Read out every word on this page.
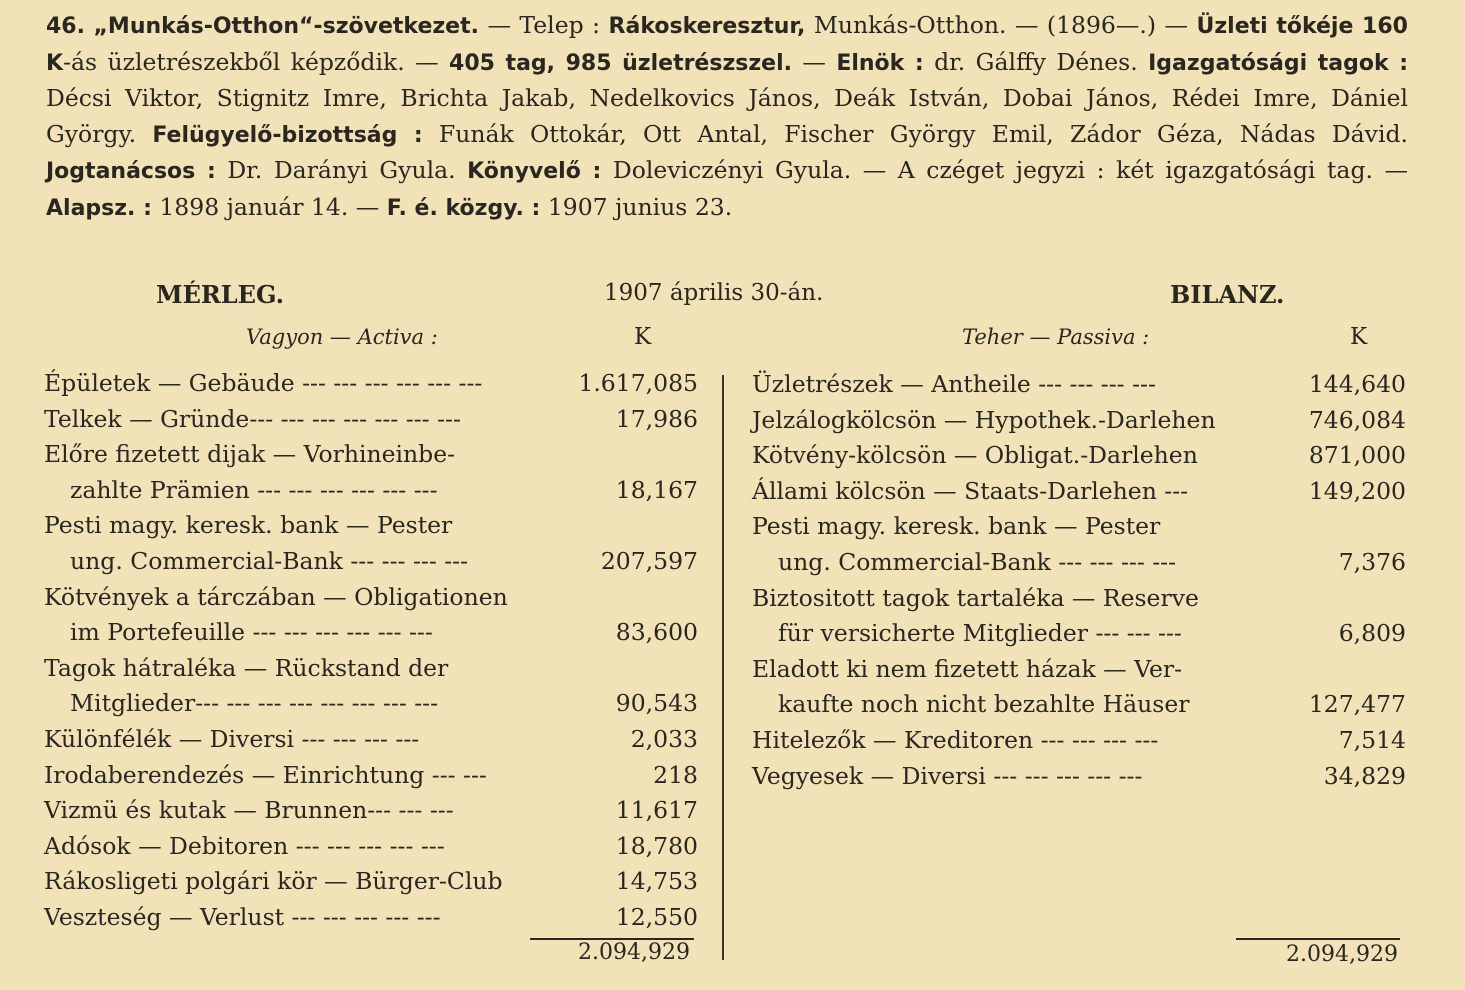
46. „Munkás-Otthon“-szövetkezet. — Telep : Rákoskeresztur, Munkás-Otthon. — (1896—.) — Üzleti tőkéje 160 K-ás üzletrészekből képződik. — 405 tag, 985 üzletrészszel. — Elnök : dr. Gálffy Dénes. Igazgatósági tagok : Décsi Viktor, Stignitz Imre, Brichta Jakab, Nedelkovics János, Deák István, Dobai János, Rédei Imre, Dániel György. Felügyelő-bizottság : Funák Ottokár, Ott Antal, Fischer György Emil, Zádor Géza, Nádas Dávid. Jogtanácsos : Dr. Darányi Gyula. Könyvelő : Doleviczényi Gyula. — A czéget jegyzi : két igazgatósági tag. — Alapsz. : 1898 január 14. — F. é. közgy. : 1907 junius 23.
MÉRLEG.	1907 április 30-án.	BILANZ.
Vagyon — Activa :	K	Teher — Passiva :	K
Épületek — Gebäude --- --- --- --- --- ---	1.617,085
Telkek — Gründe--- --- --- --- --- --- ---	17,986
Előre fizetett dijak — Vorhineinbe-
zahlte Prämien --- --- --- --- --- ---	18,167
Pesti magy. keresk. bank — Pester
ung. Commercial-Bank --- --- --- ---	207,597
Kötvények a tárczában — Obligationen
im Portefeuille --- --- --- --- --- ---	83,600
Tagok hátraléka — Rückstand der
Mitglieder--- --- --- --- --- --- --- ---	90,543
Különfélék — Diversi --- --- --- ---	2,033
Irodaberendezés — Einrichtung --- ---	218
Vizmü és kutak — Brunnen--- --- ---	11,617
Adósok — Debitoren --- --- --- --- ---	18,780
Rákosligeti polgári kör — Bürger-Club	14,753
Veszteség — Verlust --- --- --- --- ---	12,550
Üzletrészek — Antheile --- --- --- ---	144,640
Jelzálogkölcsön — Hypothek.-Darlehen	746,084
Kötvény-kölcsön — Obligat.-Darlehen	871,000
Állami kölcsön — Staats-Darlehen ---	149,200
Pesti magy. keresk. bank — Pester
ung. Commercial-Bank --- --- --- ---	7,376
Biztositott tagok tartaléka — Reserve
für versicherte Mitglieder --- --- ---	6,809
Eladott ki nem fizetett házak — Ver-
kaufte noch nicht bezahlte Häuser	127,477
Hitelezők — Kreditoren --- --- --- ---	7,514
Vegyesek — Diversi --- --- --- --- ---	34,829
2.094,929	2.094,929
